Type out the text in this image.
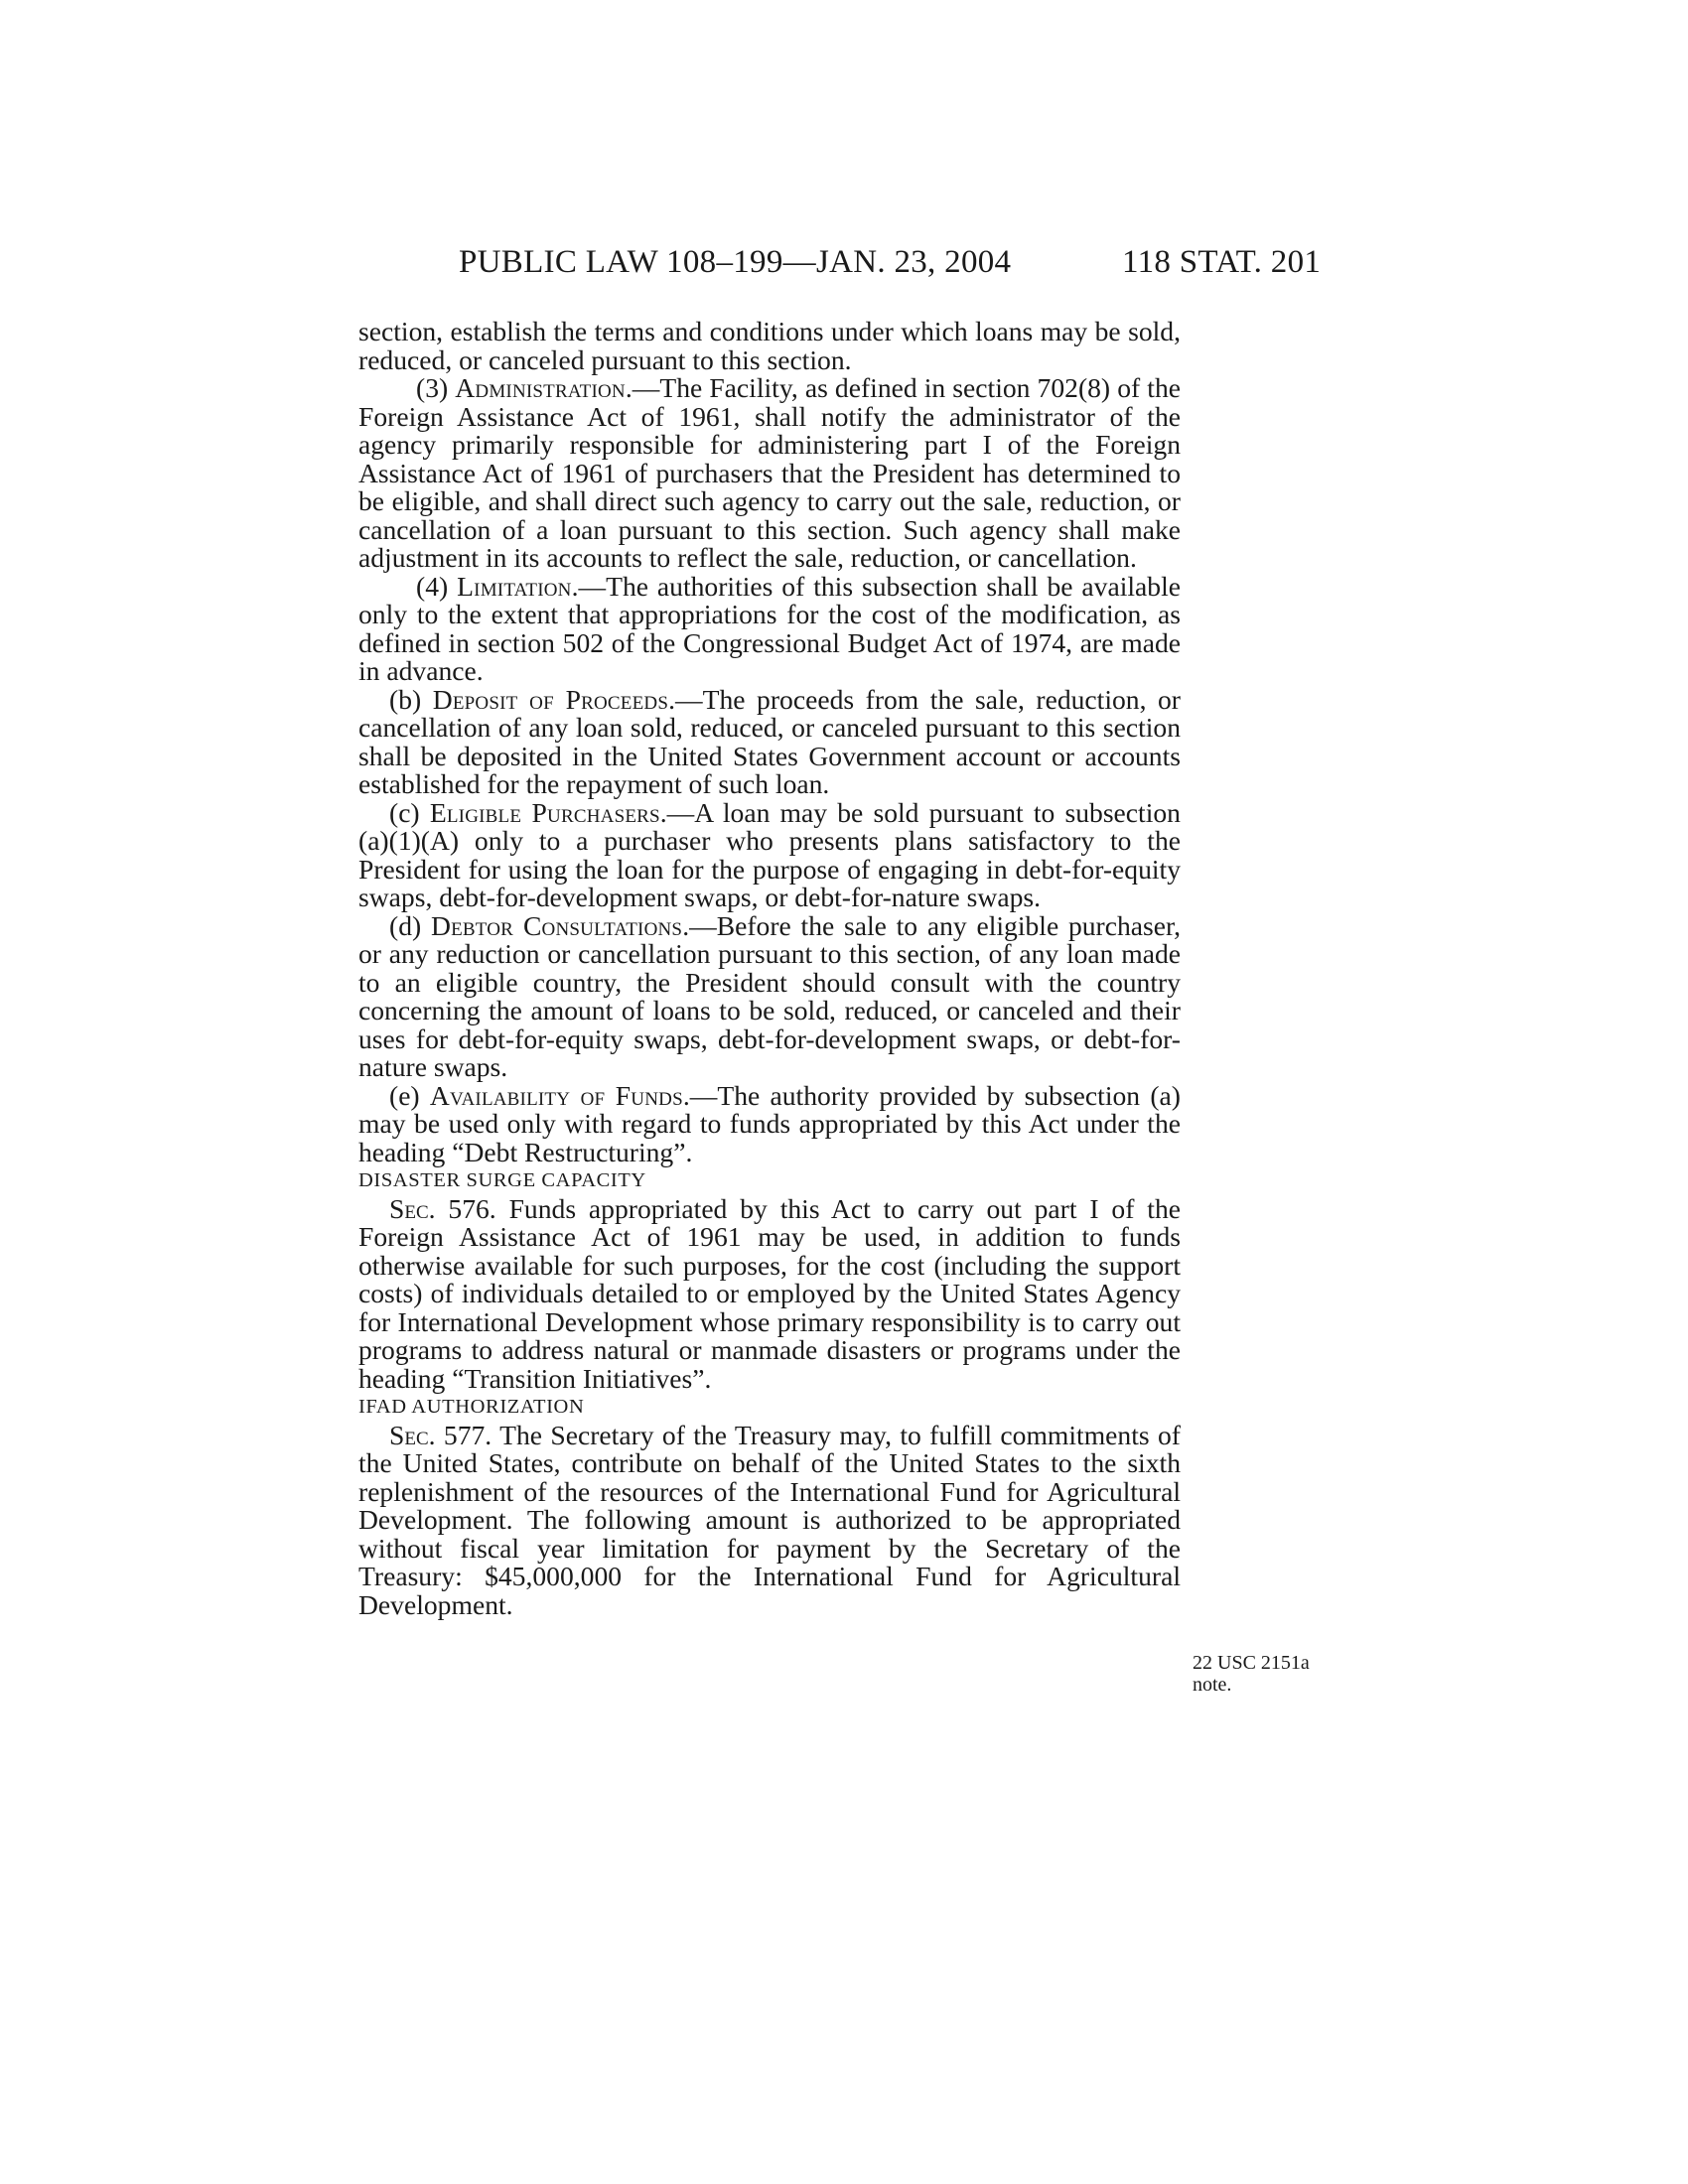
PUBLIC LAW 108–199—JAN. 23, 2004	118 STAT. 201

section, establish the terms and conditions under which loans may be sold, reduced, or canceled pursuant to this section.

(3) Administration.—The Facility, as defined in section 702(8) of the Foreign Assistance Act of 1961, shall notify the administrator of the agency primarily responsible for administering part I of the Foreign Assistance Act of 1961 of purchasers that the President has determined to be eligible, and shall direct such agency to carry out the sale, reduction, or cancellation of a loan pursuant to this section. Such agency shall make adjustment in its accounts to reflect the sale, reduction, or cancellation.

(4) Limitation.—The authorities of this subsection shall be available only to the extent that appropriations for the cost of the modification, as defined in section 502 of the Congressional Budget Act of 1974, are made in advance.

(b) Deposit of Proceeds.—The proceeds from the sale, reduction, or cancellation of any loan sold, reduced, or canceled pursuant to this section shall be deposited in the United States Government account or accounts established for the repayment of such loan.

(c) Eligible Purchasers.—A loan may be sold pursuant to subsection (a)(1)(A) only to a purchaser who presents plans satisfactory to the President for using the loan for the purpose of engaging in debt-for-equity swaps, debt-for-development swaps, or debt-for-nature swaps.

(d) Debtor Consultations.—Before the sale to any eligible purchaser, or any reduction or cancellation pursuant to this section, of any loan made to an eligible country, the President should consult with the country concerning the amount of loans to be sold, reduced, or canceled and their uses for debt-for-equity swaps, debt-for-development swaps, or debt-for-nature swaps.

(e) Availability of Funds.—The authority provided by subsection (a) may be used only with regard to funds appropriated by this Act under the heading “Debt Restructuring”.

DISASTER SURGE CAPACITY

Sec. 576. Funds appropriated by this Act to carry out part I of the Foreign Assistance Act of 1961 may be used, in addition to funds otherwise available for such purposes, for the cost (including the support costs) of individuals detailed to or employed by the United States Agency for International Development whose primary responsibility is to carry out programs to address natural or manmade disasters or programs under the heading “Transition Initiatives”.

IFAD AUTHORIZATION

Sec. 577. The Secretary of the Treasury may, to fulfill commitments of the United States, contribute on behalf of the United States to the sixth replenishment of the resources of the International Fund for Agricultural Development. The following amount is authorized to be appropriated without fiscal year limitation for payment by the Secretary of the Treasury: $45,000,000 for the International Fund for Agricultural Development.

22 USC 2151a
note.
